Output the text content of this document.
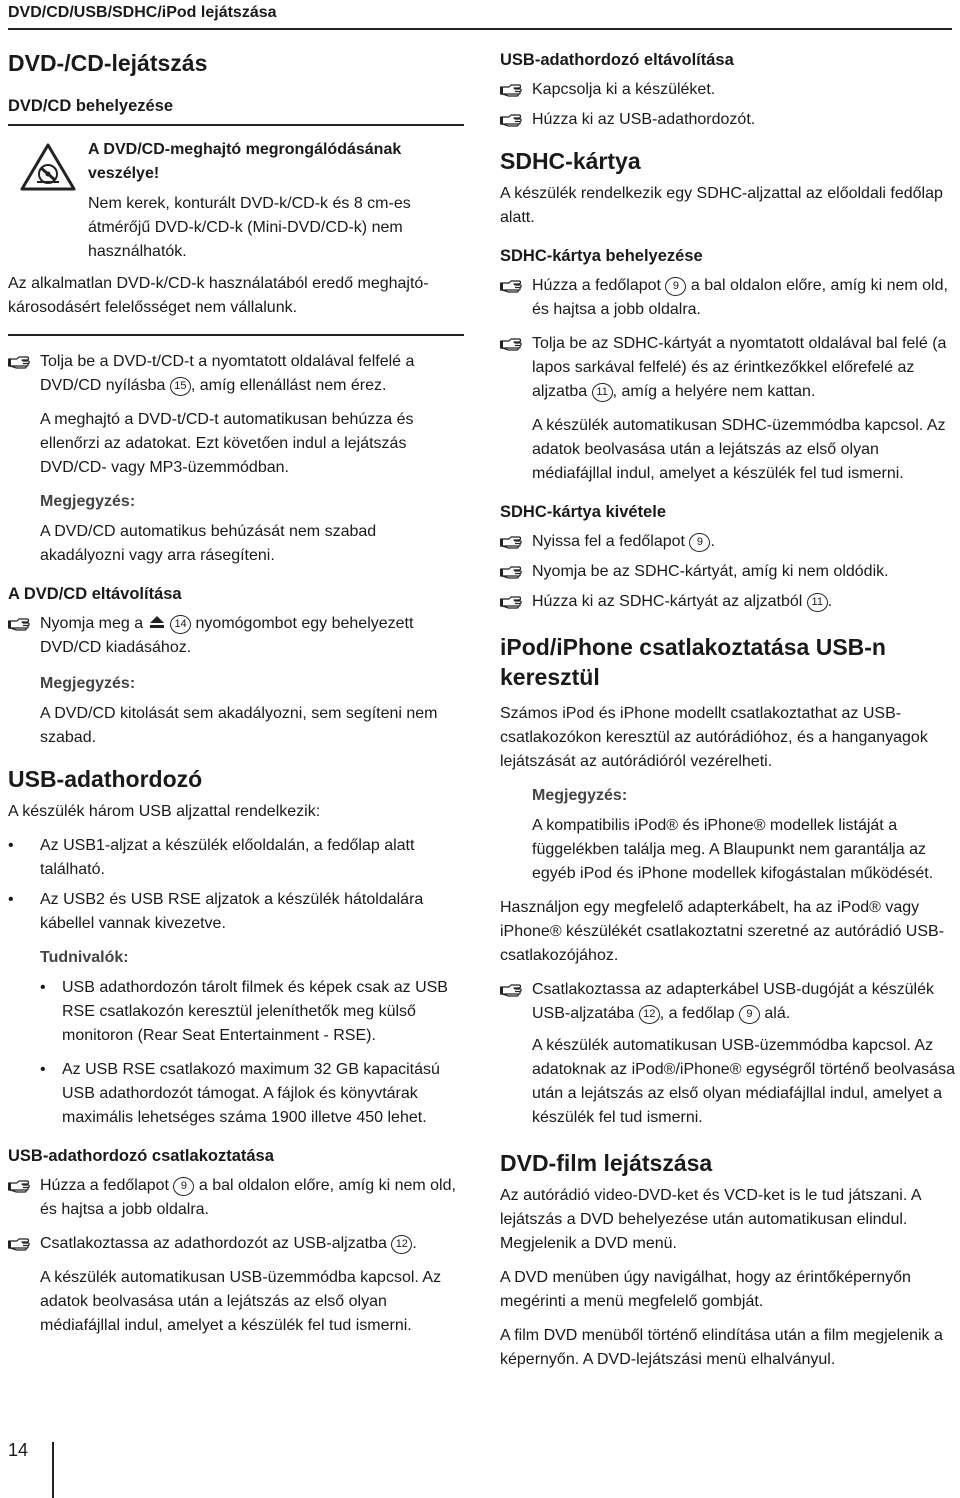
DVD/CD/USB/SDHC/iPod lejátszása
DVD-/CD-lejátszás
DVD/CD behelyezése

A DVD/CD-meghajtó megrongálódásának veszélye!

Nem kerek, konturált DVD-k/CD-k és 8 cm-es átmérőjű DVD-k/CD-k (Mini-DVD/CD-k) nem használhatók.

Az alkalmatlan DVD-k/CD-k használatából eredő meghajtó-károsodásért felelősséget nem vállalunk.

Tolja be a DVD-t/CD-t a nyomtatott oldalával felfelé a DVD/CD nyílásba 15 , amíg ellenállást nem érez.

A meghajtó a DVD-t/CD-t automatikusan behúzza és ellenőrzi az adatokat. Ezt követően indul a lejátszás DVD/CD- vagy MP3-üzemmódban.

Megjegyzés:

A DVD/CD automatikus behúzását nem szabad akadályozni vagy arra rásegíteni.

A DVD/CD eltávolítása
Nyomja meg a	14 nyomógombot egy behelyezett DVD/CD kiadásához.

Megjegyzés:

A DVD/CD kitolását sem akadályozni, sem segíteni nem szabad.

USB-adathordozó

A készülék három USB aljzattal rendelkezik:

• Az USB1-aljzat a készülék előoldalán, a fedőlap alatt található.

• Az USB2 és USB RSE aljzatok a készülék hátoldalára kábellel vannak kivezetve.

Tudnivalók:

• USB adathordozón tárolt filmek és képek csak az USB RSE csatlakozón keresztül jeleníthetők meg külső monitoron (Rear Seat Entertainment - RSE).

• Az USB RSE csatlakozó maximum 32 GB kapacitású USB adathordozót támogat. A fájlok és könyvtárak maximális lehetséges száma 1900 illetve 450 lehet.

USB-adathordozó csatlakoztatása
Húzza a fedőlapot 9 a bal oldalon előre, amíg ki nem old, és hajtsa a jobb oldalra.
Csatlakoztassa az adathordozót az USB-aljzatba 12 .

A készülék automatikusan USB-üzemmódba kapcsol. Az adatok beolvasása után a lejátszás az első olyan médiafájllal indul, amelyet a készülék fel tud ismerni.

USB-adathordozó eltávolítása
Kapcsolja ki a készüléket.
Húzza ki az USB-adathordozót.
SDHC-kártya

A készülék rendelkezik egy SDHC-aljzattal az előoldali fedőlap alatt.

SDHC-kártya behelyezése
Húzza a fedőlapot 9 a bal oldalon előre, amíg ki nem old, és hajtsa a jobb oldalra.
Tolja be az SDHC-kártyát a nyomtatott oldalával bal felé (a lapos sarkával felfelé) és az érintkezőkkel előrefelé az aljzatba 11 , amíg a helyére nem kattan.

A készülék automatikusan SDHC-üzemmódba kapcsol. Az adatok beolvasása után a lejátszás az első olyan médiafájllal indul, amelyet a készülék fel tud ismerni.

SDHC-kártya kivétele
Nyissa fel a fedőlapot 9 .
Nyomja be az SDHC-kártyát, amíg ki nem oldódik.
Húzza ki az SDHC-kártyát az aljzatból 11 .
iPod/iPhone csatlakoztatása USB-n keresztül

Számos iPod és iPhone modellt csatlakoztathat az USB-csatlakozókon keresztül az autórádióhoz, és a hanganyagok lejátszását az autórádióról vezérelheti.

Megjegyzés:

A kompatibilis iPod® és iPhone® modellek listáját a függelékben találja meg. A Blaupunkt nem garantálja az egyéb iPod és iPhone modellek kifogástalan működését.

Használjon egy megfelelő adapterkábelt, ha az iPod® vagy iPhone® készülékét csatlakoztatni szeretné az autórádió USB-csatlakozójához.

Csatlakoztassa az adapterkábel USB-dugóját a készülék USB-aljzatába 12 , a fedőlap 9 alá.

A készülék automatikusan USB-üzemmódba kapcsol. Az adatoknak az iPod®/iPhone® egységről történő beolvasása után a lejátszás az első olyan médiafájllal indul, amelyet a készülék fel tud ismerni.

DVD-film lejátszása

Az autórádió video-DVD-ket és VCD-ket is le tud játszani. A lejátszás a DVD behelyezése után automatikusan elindul. Megjelenik a DVD menü.

A DVD menüben úgy navigálhat, hogy az érintőképernyőn megérinti a menü megfelelő gombját.

A film DVD menüből történő elindítása után a film megjelenik a képernyőn. A DVD-lejátszási menü elhalványul.

14
